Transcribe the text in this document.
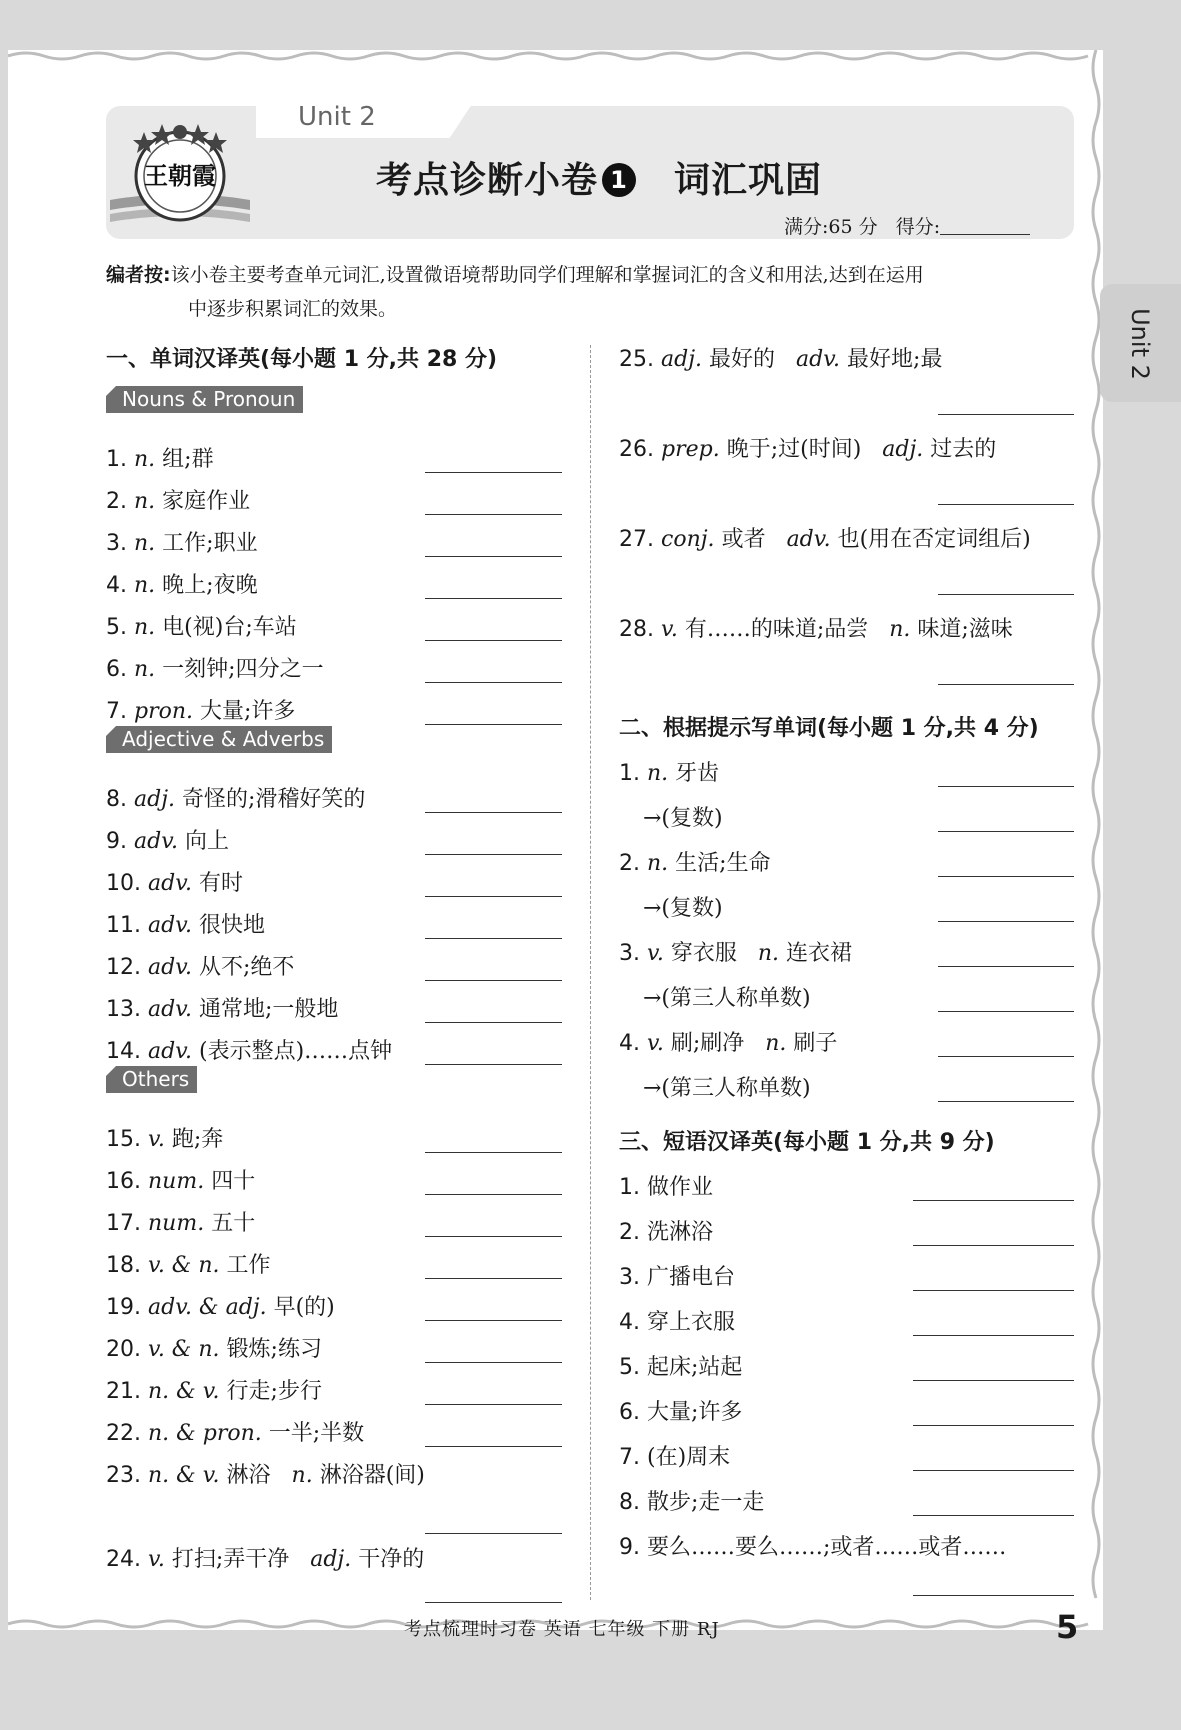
Unit 2
王朝霞	考点诊断小卷 1 词汇巩固
满分:65 分 得分:
Unit 2
编者按:该小卷主要考查单元词汇,设置微语境帮助同学们理解和掌握词汇的含义和用法,达到在运用
中逐步积累词汇的效果。
一、单词汉译英(每小题 1 分,共 28 分)
二、根据提示写单词(每小题 1 分,共 4 分)
三、短语汉译英(每小题 1 分,共 9 分)
Nouns & Pronoun
Adjective & Adverbs
Others
1. n. 组;群
2. n. 家庭作业
3. n. 工作;职业
4. n. 晚上;夜晚
5. n. 电(视)台;车站
6. n. 一刻钟;四分之一
7. pron. 大量;许多
8. adj. 奇怪的;滑稽好笑的
9. adv. 向上
10. adv. 有时
11. adv. 很快地
12. adv. 从不;绝不
13. adv. 通常地;一般地
14. adv. (表示整点)……点钟
15. v. 跑;奔
16. num. 四十
17. num. 五十
18. v. & n. 工作
19. adv. & adj. 早(的)
20. v. & n. 锻炼;练习
21. n. & v. 行走;步行
22. n. & pron. 一半;半数
23. n. & v. 淋浴 n. 淋浴器(间)
24. v. 打扫;弄干净 adj. 干净的
25. adj. 最好的 adv. 最好地;最
26. prep. 晚于;过(时间) adj. 过去的
27. conj. 或者 adv. 也(用在否定词组后)
28. v. 有……的味道;品尝 n. 味道;滋味
1. n. 牙齿
→(复数)
2. n. 生活;生命
→(复数)
3. v. 穿衣服 n. 连衣裙
→(第三人称单数)
4. v. 刷;刷净 n. 刷子
→(第三人称单数)
1. 做作业
2. 洗淋浴
3. 广播电台
4. 穿上衣服
5. 起床;站起
6. 大量;许多
7. (在)周末
8. 散步;走一走
9. 要么……要么……;或者……或者……
考点梳理时习卷 英语 七年级 下册 RJ	5
